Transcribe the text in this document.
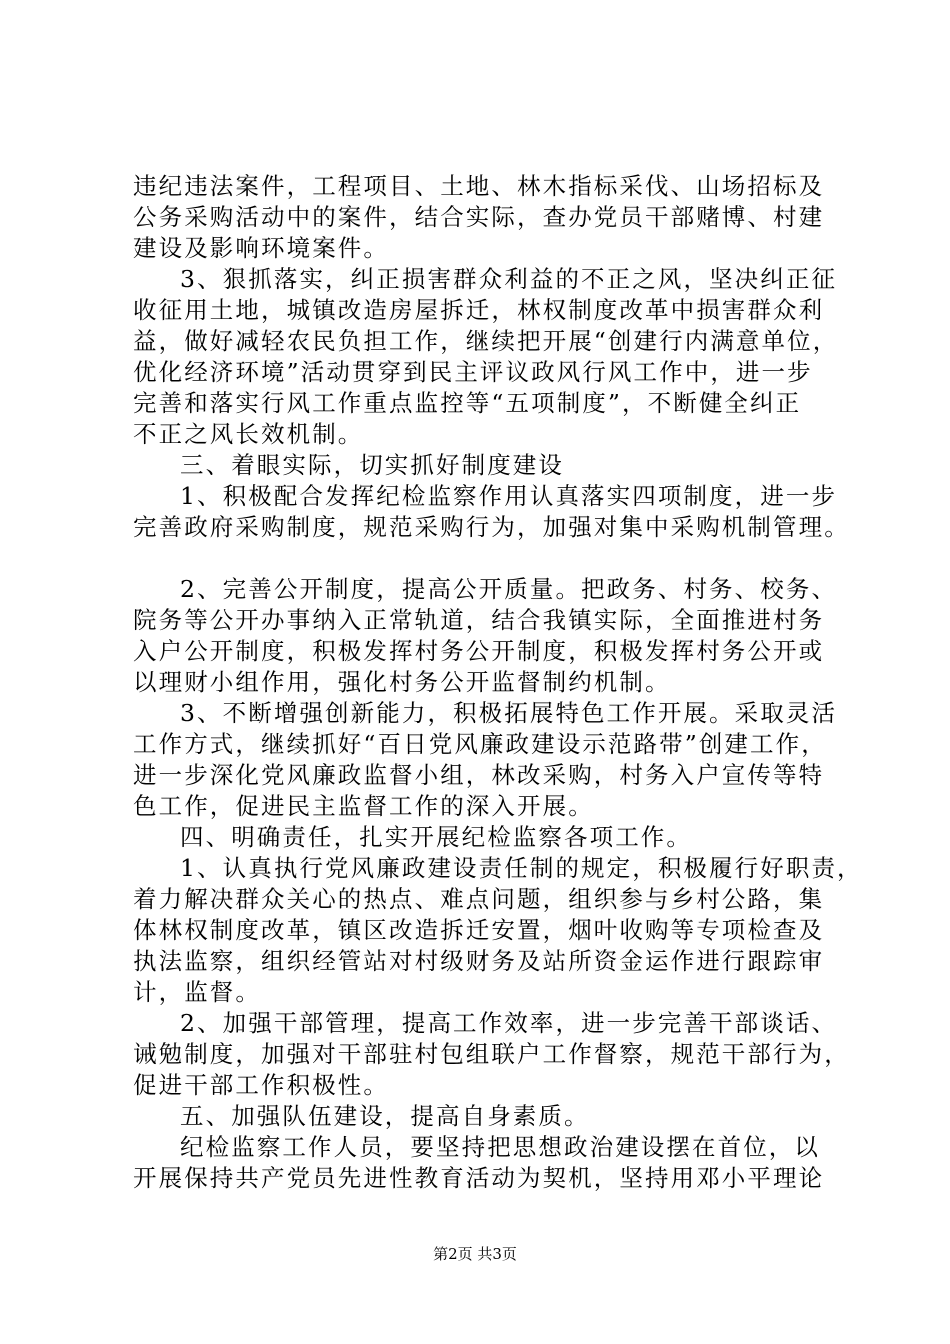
违纪违法案件，工程项目、土地、林木指标采伐、山场招标及
公务采购活动中的案件，结合实际，查办党员干部赌博、村建
建设及影响环境案件。
3、狠抓落实，纠正损害群众利益的不正之风，坚决纠正征
收征用土地，城镇改造房屋拆迁，林权制度改革中损害群众利
益，做好减轻农民负担工作，继续把开展“创建行内满意单位，
优化经济环境”活动贯穿到民主评议政风行风工作中，进一步
完善和落实行风工作重点监控等“五项制度”，不断健全纠正
不正之风长效机制。
三、着眼实际，切实抓好制度建设
1、积极配合发挥纪检监察作用认真落实四项制度，进一步
完善政府采购制度，规范采购行为，加强对集中采购机制管理。
2、完善公开制度，提高公开质量。把政务、村务、校务、
院务等公开办事纳入正常轨道，结合我镇实际，全面推进村务
入户公开制度，积极发挥村务公开制度，积极发挥村务公开或
以理财小组作用，强化村务公开监督制约机制。
3、不断增强创新能力，积极拓展特色工作开展。采取灵活
工作方式，继续抓好“百日党风廉政建设示范路带”创建工作，
进一步深化党风廉政监督小组，林改采购，村务入户宣传等特
色工作，促进民主监督工作的深入开展。
四、明确责任，扎实开展纪检监察各项工作。
1、认真执行党风廉政建设责任制的规定，积极履行好职责，
着力解决群众关心的热点、难点问题，组织参与乡村公路，集
体林权制度改革，镇区改造拆迁安置，烟叶收购等专项检查及
执法监察，组织经管站对村级财务及站所资金运作进行跟踪审
计，监督。
2、加强干部管理，提高工作效率，进一步完善干部谈话、
诫勉制度，加强对干部驻村包组联户工作督察，规范干部行为，
促进干部工作积极性。
五、加强队伍建设，提高自身素质。
纪检监察工作人员，要坚持把思想政治建设摆在首位，以
开展保持共产党员先进性教育活动为契机，坚持用邓小平理论
第2页 共3页
